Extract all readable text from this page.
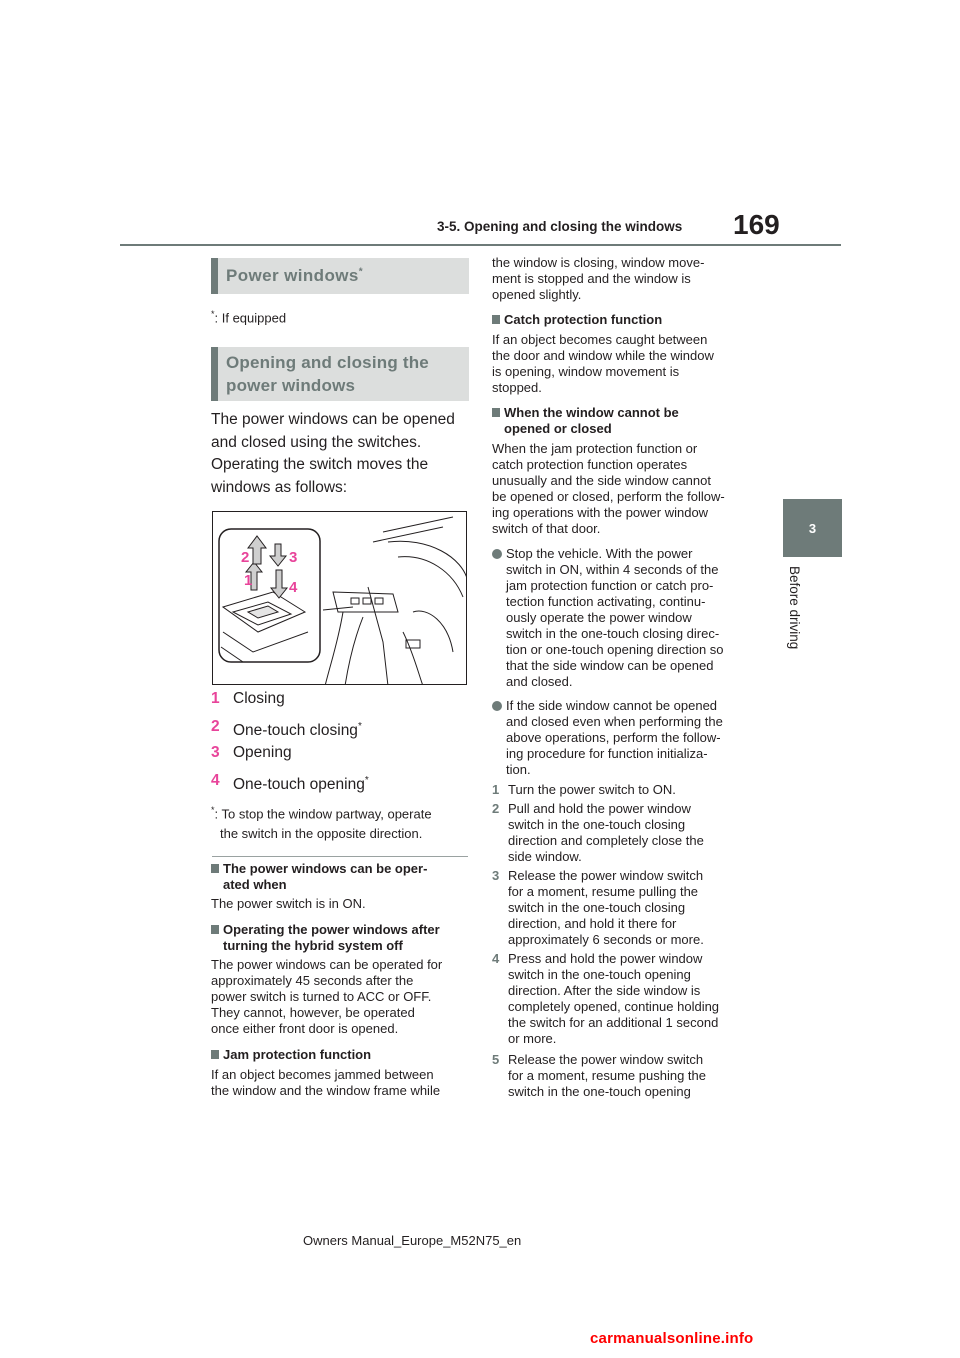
3-5. Opening and closing the windows 169
3
Before driving
Power windows*
*: If equipped
Opening and closing the
power windows
The power windows can be opened
and closed using the switches.
Operating the switch moves the
windows as follows:
2	3
1 4
1 Closing
2 One-touch closing*
3 Opening
4 One-touch opening*
*: To stop the window partway, operate
the switch in the opposite direction.
The power windows can be oper-
ated when
The power switch is in ON.
Operating the power windows after
turning the hybrid system off
The power windows can be operated for
approximately 45 seconds after the
power switch is turned to ACC or OFF.
They cannot, however, be operated
once either front door is opened.
Jam protection function
If an object becomes jammed between
the window and the window frame while
the window is closing, window move-
ment is stopped and the window is
opened slightly.
Catch protection function
If an object becomes caught between
the door and window while the window
is opening, window movement is
stopped.
When the window cannot be
opened or closed
When the jam protection function or
catch protection function operates
unusually and the side window cannot
be opened or closed, perform the follow-
ing operations with the power window
switch of that door.
Stop the vehicle. With the power
switch in ON, within 4 seconds of the
jam protection function or catch pro-
tection function activating, continu-
ously operate the power window
switch in the one-touch closing direc-
tion or one-touch opening direction so
that the side window can be opened
and closed.
If the side window cannot be opened
and closed even when performing the
above operations, perform the follow-
ing procedure for function initializa-
tion.
1 Turn the power switch to ON.
2 Pull and hold the power window
switch in the one-touch closing
direction and completely close the
side window.
3 Release the power window switch
for a moment, resume pulling the
switch in the one-touch closing
direction, and hold it there for
approximately 6 seconds or more.
4 Press and hold the power window
switch in the one-touch opening
direction. After the side window is
completely opened, continue holding
the switch for an additional 1 second
or more.
5 Release the power window switch
for a moment, resume pushing the
switch in the one-touch opening
Owners Manual_Europe_M52N75_en
carmanualsonline.info
